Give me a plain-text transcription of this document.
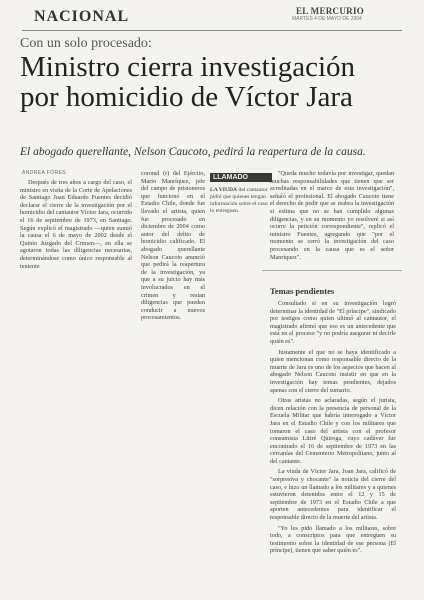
NACIONAL	EL MERCURIO
MARTES 4 DE MAYO DE 2004
Con un solo procesado:
Ministro cierra investigación por homicidio de Víctor Jara
El abogado querellante, Nelson Caucoto, pedirá la reapertura de la causa.
ANDREA FÓRES

Después de tres años a cargo del caso, el ministro en visita de la Corte de Apelaciones de Santiago Juan Eduardo Fuentes decidió declarar el cierre de la investigación por el homicidio del cantautor Víctor Jara, ocurrido el 16 de septiembre de 1973, en Santiago. Según explicó el magistrado —quien sumió la causa el 6 de mayo de 2002 desde el Quinto Juzgado del Crimen—, en ella se agotaron todas las diligencias necesarias, determinándose como único responsable al teniente

coronel (r) del Ejército, Mario Manríquez, jefe del campo de prisioneros que funcionó en el Estadio Chile, donde fue llevado el artista, quien fue procesado en diciembre de 2004 como autor del delito de homicidio calificado. El abogado querellante Nelson Caucoto anunció que pedirá la reapertura de la investigación, ya que a su juicio hay más involucrados en el crimen y restan diligencias que pueden conducir a nuevos procesamientos.

LLAMADO

LA VIUDA del cantautor pidió que quienes tengan información sobre el caso lo entreguen.

"Queda mucho todavía por investigar, quedan muchas responsabilidades que tienen que ser acreditadas en el marco de esta investigación", señaló el profesional. El abogado Caucoto tiene el derecho de pedir que se reabra la investigación si estima que no se han cumplido algunas diligencias, y en su momento yo resolveré si así ocurre la petición correspondiente", replicó el ministro Fuentes, agregando que "por el momento se cerró la investigación del caso procesando en la causa que es el señor Manríquez".

Temas pendientes

Consultado si en su investigación logró determinar la identidad de "El príncipe", sindicado por testigos como quien ultimó al cantautor, el magistrado afirmó que eso es un antecedente que está en el proceso "y no podría asegurar ni decirle quién es".

Justamente el que no se haya identificado a quien mencionan como responsable directo de la muerte de Jara es uno de los aspectos que hacen al abogado Nelson Caucoto insistir en que en la investigación hay temas pendientes, dejados apenas con el cierre del sumario.

Otras aristas no aclaradas, según el jurista, dicen relación con la presencia de personal de la Escuela Militar que habría interrogado a Víctor Jara en el Estadio Chile y con los militares que tomaron el caso del artista con el profesor consumista Littré Quiroga, cuyo cadáver fue encontrado el 16 de septiembre de 1973 en las cercanías del Cementerio Metropolitano, junto al del cantante.

La viuda de Víctor Jara, Joan Jara, calificó de "sorpresiva y chocante" la noticia del cierre del caso, e hizo un llamado a los militares y a quienes estuvieron detenidos entre el 12 y 15 de septiembre de 1973 en el Estadio Chile a que aporten antecedentes para identificar el responsable directo de la muerte del artista.

"Yo les pido llamado a los militares, sobre todo, a conscriptos para que entreguen su testimonio sobre la identidad de ese persona (El príncipe), tienen que saber quién es".
